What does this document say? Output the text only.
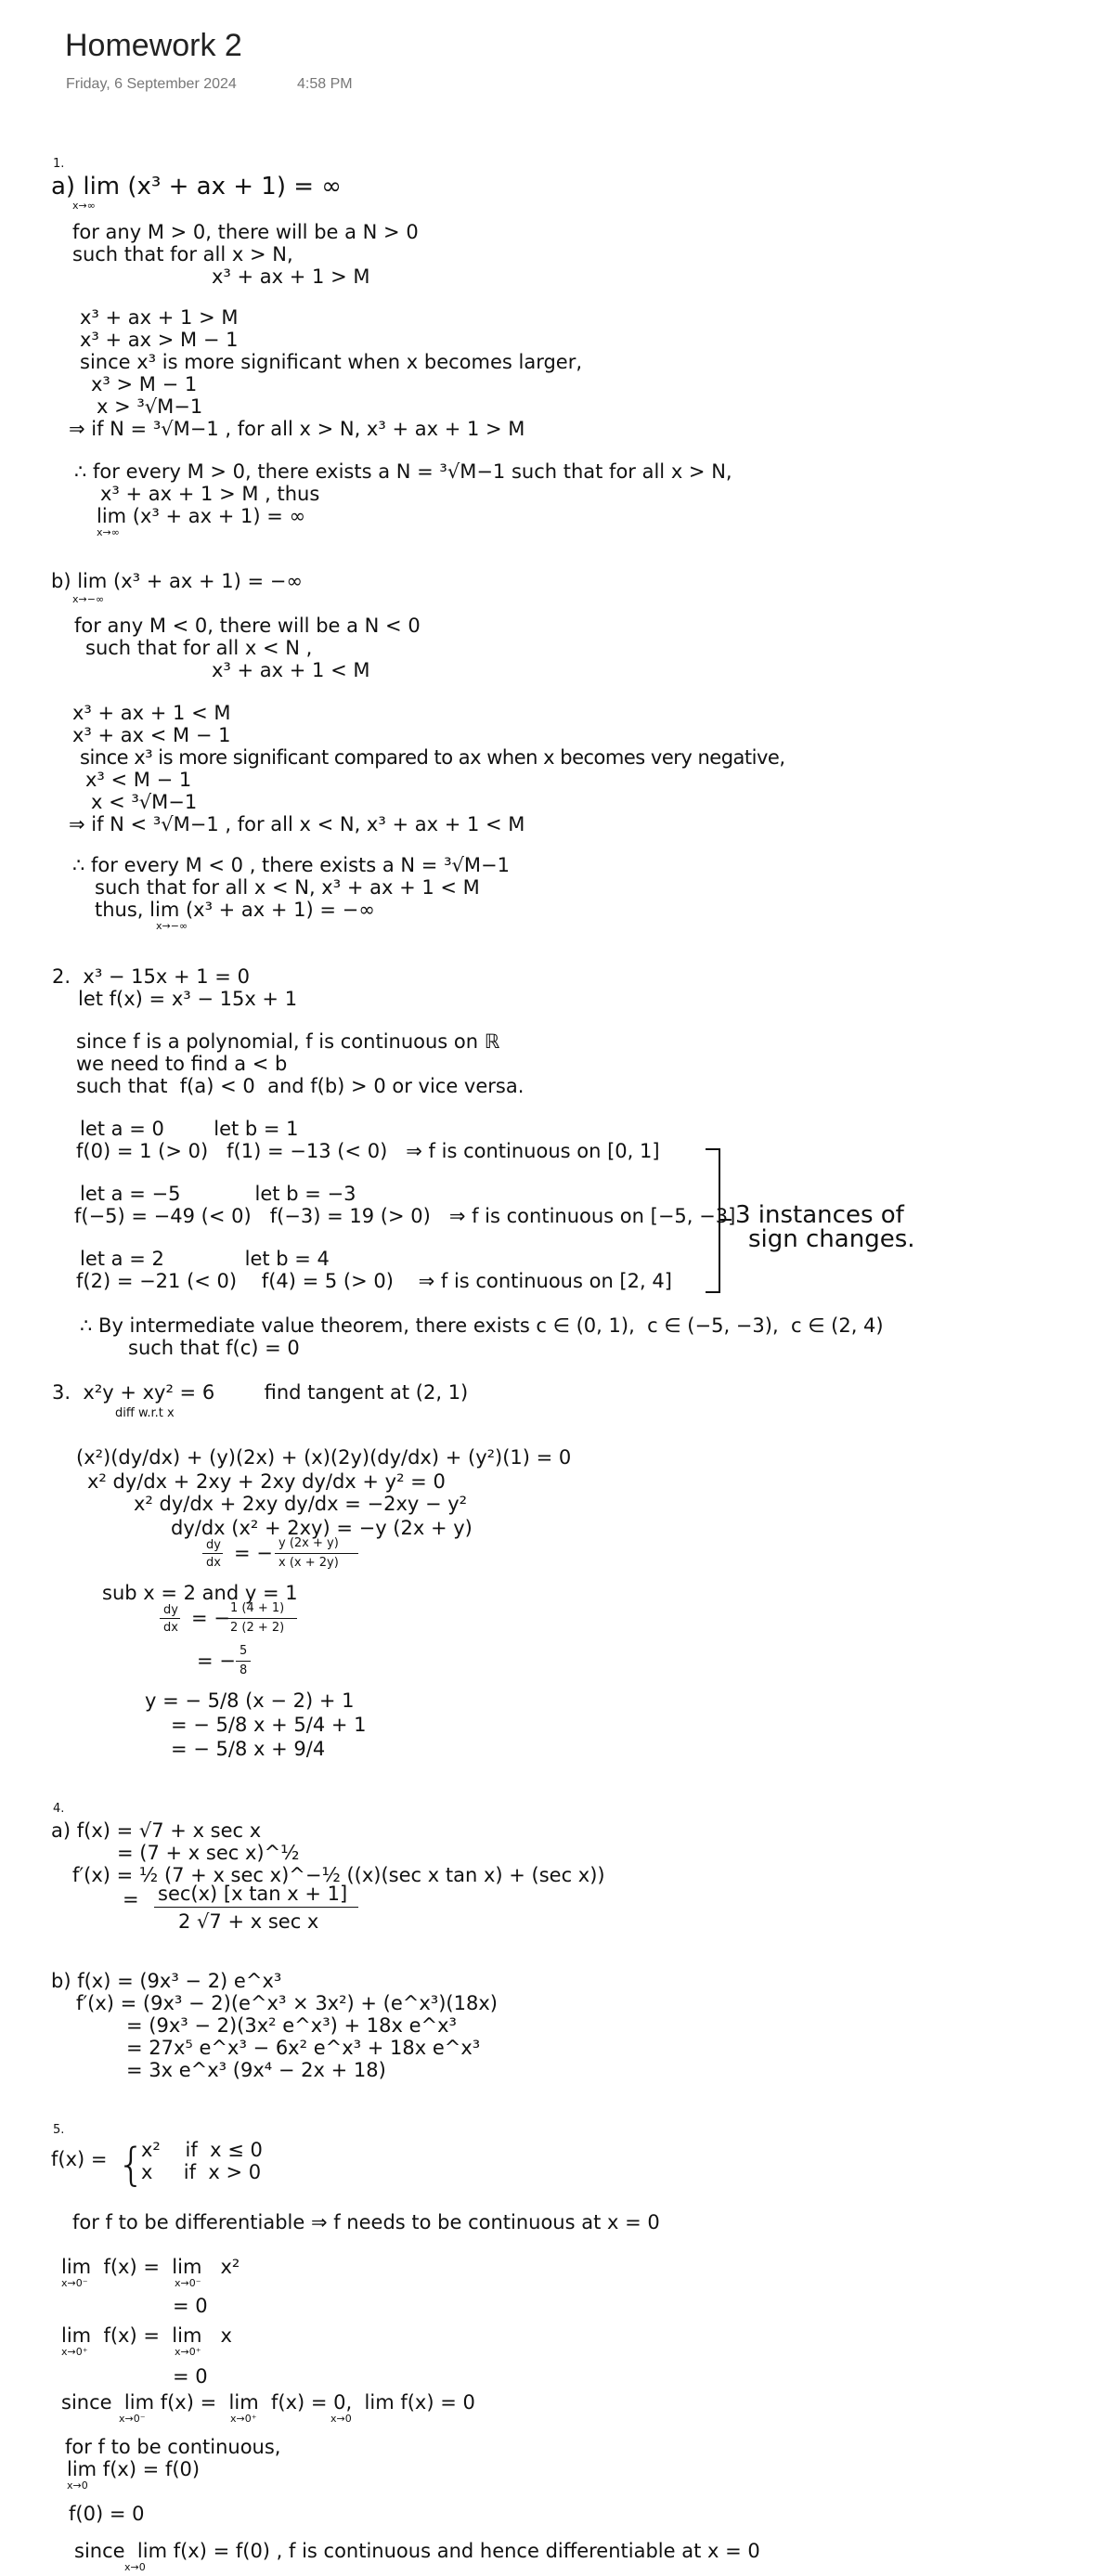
Homework 2
Friday, 6 September 2024	4:58 PM
1.
a) lim (x³ + ax + 1) = ∞
x→∞
for any M > 0, there will be a N > 0
such that for all x > N,
x³ + ax + 1 > M
x³ + ax + 1 > M
x³ + ax > M − 1
since x³ is more significant when x becomes larger,
x³ > M − 1
x > ³√M−1
⇒ if N = ³√M−1 , for all x > N, x³ + ax + 1 > M
∴ for every M > 0, there exists a N = ³√M−1 such that for all x > N,
x³ + ax + 1 > M , thus
lim (x³ + ax + 1) = ∞
x→∞
b) lim (x³ + ax + 1) = −∞
x→−∞
for any M < 0, there will be a N < 0
such that for all x < N ,
x³ + ax + 1 < M
x³ + ax + 1 < M
x³ + ax < M − 1
since x³ is more significant compared to ax when x becomes very negative,
x³ < M − 1
x < ³√M−1
⇒ if N < ³√M−1 , for all x < N, x³ + ax + 1 < M
∴ for every M < 0 , there exists a N = ³√M−1
such that for all x < N, x³ + ax + 1 < M
thus, lim (x³ + ax + 1) = −∞
x→−∞
2.  x³ − 15x + 1 = 0
let f(x) = x³ − 15x + 1
since f is a polynomial, f is continuous on ℝ
we need to find a < b
such that  f(a) < 0  and f(b) > 0 or vice versa.
let a = 0        let b = 1
f(0) = 1 (> 0)   f(1) = −13 (< 0)   ⇒ f is continuous on [0, 1]
let a = −5            let b = −3
f(−5) = −49 (< 0)   f(−3) = 19 (> 0)   ⇒ f is continuous on [−5, −3]
let a = 2             let b = 4
f(2) = −21 (< 0)    f(4) = 5 (> 0)    ⇒ f is continuous on [2, 4]
3 instances of
sign changes.
∴ By intermediate value theorem, there exists c ∈ (0, 1),  c ∈ (−5, −3),  c ∈ (2, 4)
such that f(c) = 0
3.  x²y + xy² = 6        find tangent at (2, 1)
diff w.r.t x
(x²)(dy/dx) + (y)(2x) + (x)(2y)(dy/dx) + (y²)(1) = 0
x² dy/dx + 2xy + 2xy dy/dx + y² = 0
x² dy/dx + 2xy dy/dx = −2xy − y²
dy/dx (x² + 2xy) = −y (2x + y)
dy
dx = − y (2x + y)
x (x + 2y)
sub x = 2 and y = 1
dy
dx = − 1 (4 + 1)
2 (2 + 2)
= − 5
8
y = − 5/8 (x − 2) + 1
= − 5/8 x + 5/4 + 1
= − 5/8 x + 9/4
4.
a) f(x) = √7 + x sec x
= (7 + x sec x)^½
f′(x) = ½ (7 + x sec x)^−½ ((x)(sec x tan x) + (sec x))
= sec(x) [x tan x + 1]
2 √7 + x sec x
b) f(x) = (9x³ − 2) e^x³
f′(x) = (9x³ − 2)(e^x³ × 3x²) + (e^x³)(18x)
= (9x³ − 2)(3x² e^x³) + 18x e^x³
= 27x⁵ e^x³ − 6x² e^x³ + 18x e^x³
= 3x e^x³ (9x⁴ − 2x + 18)
5.
f(x) = {
x²    if  x ≤ 0
x     if  x > 0
for f to be differentiable ⇒ f needs to be continuous at x = 0
lim  f(x) =  lim   x²
x→0⁻	x→0⁻
= 0
lim  f(x) =  lim   x
x→0⁺	x→0⁺
= 0
since  lim f(x) =  lim  f(x) = 0,  lim f(x) = 0
x→0⁻	x→0⁺	x→0
for f to be continuous,
lim f(x) = f(0)
x→0
f(0) = 0
since  lim f(x) = f(0) , f is continuous and hence differentiable at x = 0
x→0
